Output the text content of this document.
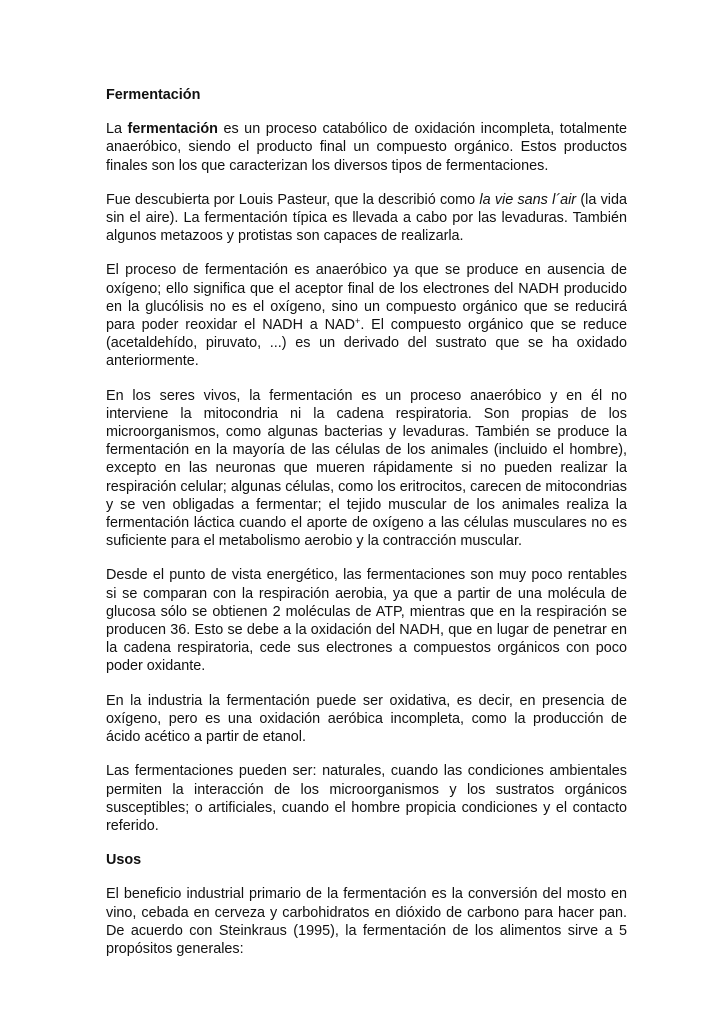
Fermentación

La fermentación es un proceso catabólico de oxidación incompleta, totalmente anaeróbico, siendo el producto final un compuesto orgánico. Estos productos finales son los que caracterizan los diversos tipos de fermentaciones.

Fue descubierta por Louis Pasteur, que la describió como la vie sans l´air (la vida sin el aire). La fermentación típica es llevada a cabo por las levaduras. También algunos metazoos y protistas son capaces de realizarla.

El proceso de fermentación es anaeróbico ya que se produce en ausencia de oxígeno; ello significa que el aceptor final de los electrones del NADH producido en la glucólisis no es el oxígeno, sino un compuesto orgánico que se reducirá para poder reoxidar el NADH a NAD+. El compuesto orgánico que se reduce (acetaldehído, piruvato, ...) es un derivado del sustrato que se ha oxidado anteriormente.

En los seres vivos, la fermentación es un proceso anaeróbico y en él no interviene la mitocondria ni la cadena respiratoria. Son propias de los microorganismos, como algunas bacterias y levaduras. También se produce la fermentación en la mayoría de las células de los animales (incluido el hombre), excepto en las neuronas que mueren rápidamente si no pueden realizar la respiración celular; algunas células, como los eritrocitos, carecen de mitocondrias y se ven obligadas a fermentar; el tejido muscular de los animales realiza la fermentación láctica cuando el aporte de oxígeno a las células musculares no es suficiente para el metabolismo aerobio y la contracción muscular.

Desde el punto de vista energético, las fermentaciones son muy poco rentables si se comparan con la respiración aerobia, ya que a partir de una molécula de glucosa sólo se obtienen 2 moléculas de ATP, mientras que en la respiración se producen 36. Esto se debe a la oxidación del NADH, que en lugar de penetrar en la cadena respiratoria, cede sus electrones a compuestos orgánicos con poco poder oxidante.

En la industria la fermentación puede ser oxidativa, es decir, en presencia de oxígeno, pero es una oxidación aeróbica incompleta, como la producción de ácido acético a partir de etanol.

Las fermentaciones pueden ser: naturales, cuando las condiciones ambientales permiten la interacción de los microorganismos y los sustratos orgánicos susceptibles; o artificiales, cuando el hombre propicia condiciones y el contacto referido.

Usos

El beneficio industrial primario de la fermentación es la conversión del mosto en vino, cebada en cerveza y carbohidratos en dióxido de carbono para hacer pan. De acuerdo con Steinkraus (1995), la fermentación de los alimentos sirve a 5 propósitos generales:
